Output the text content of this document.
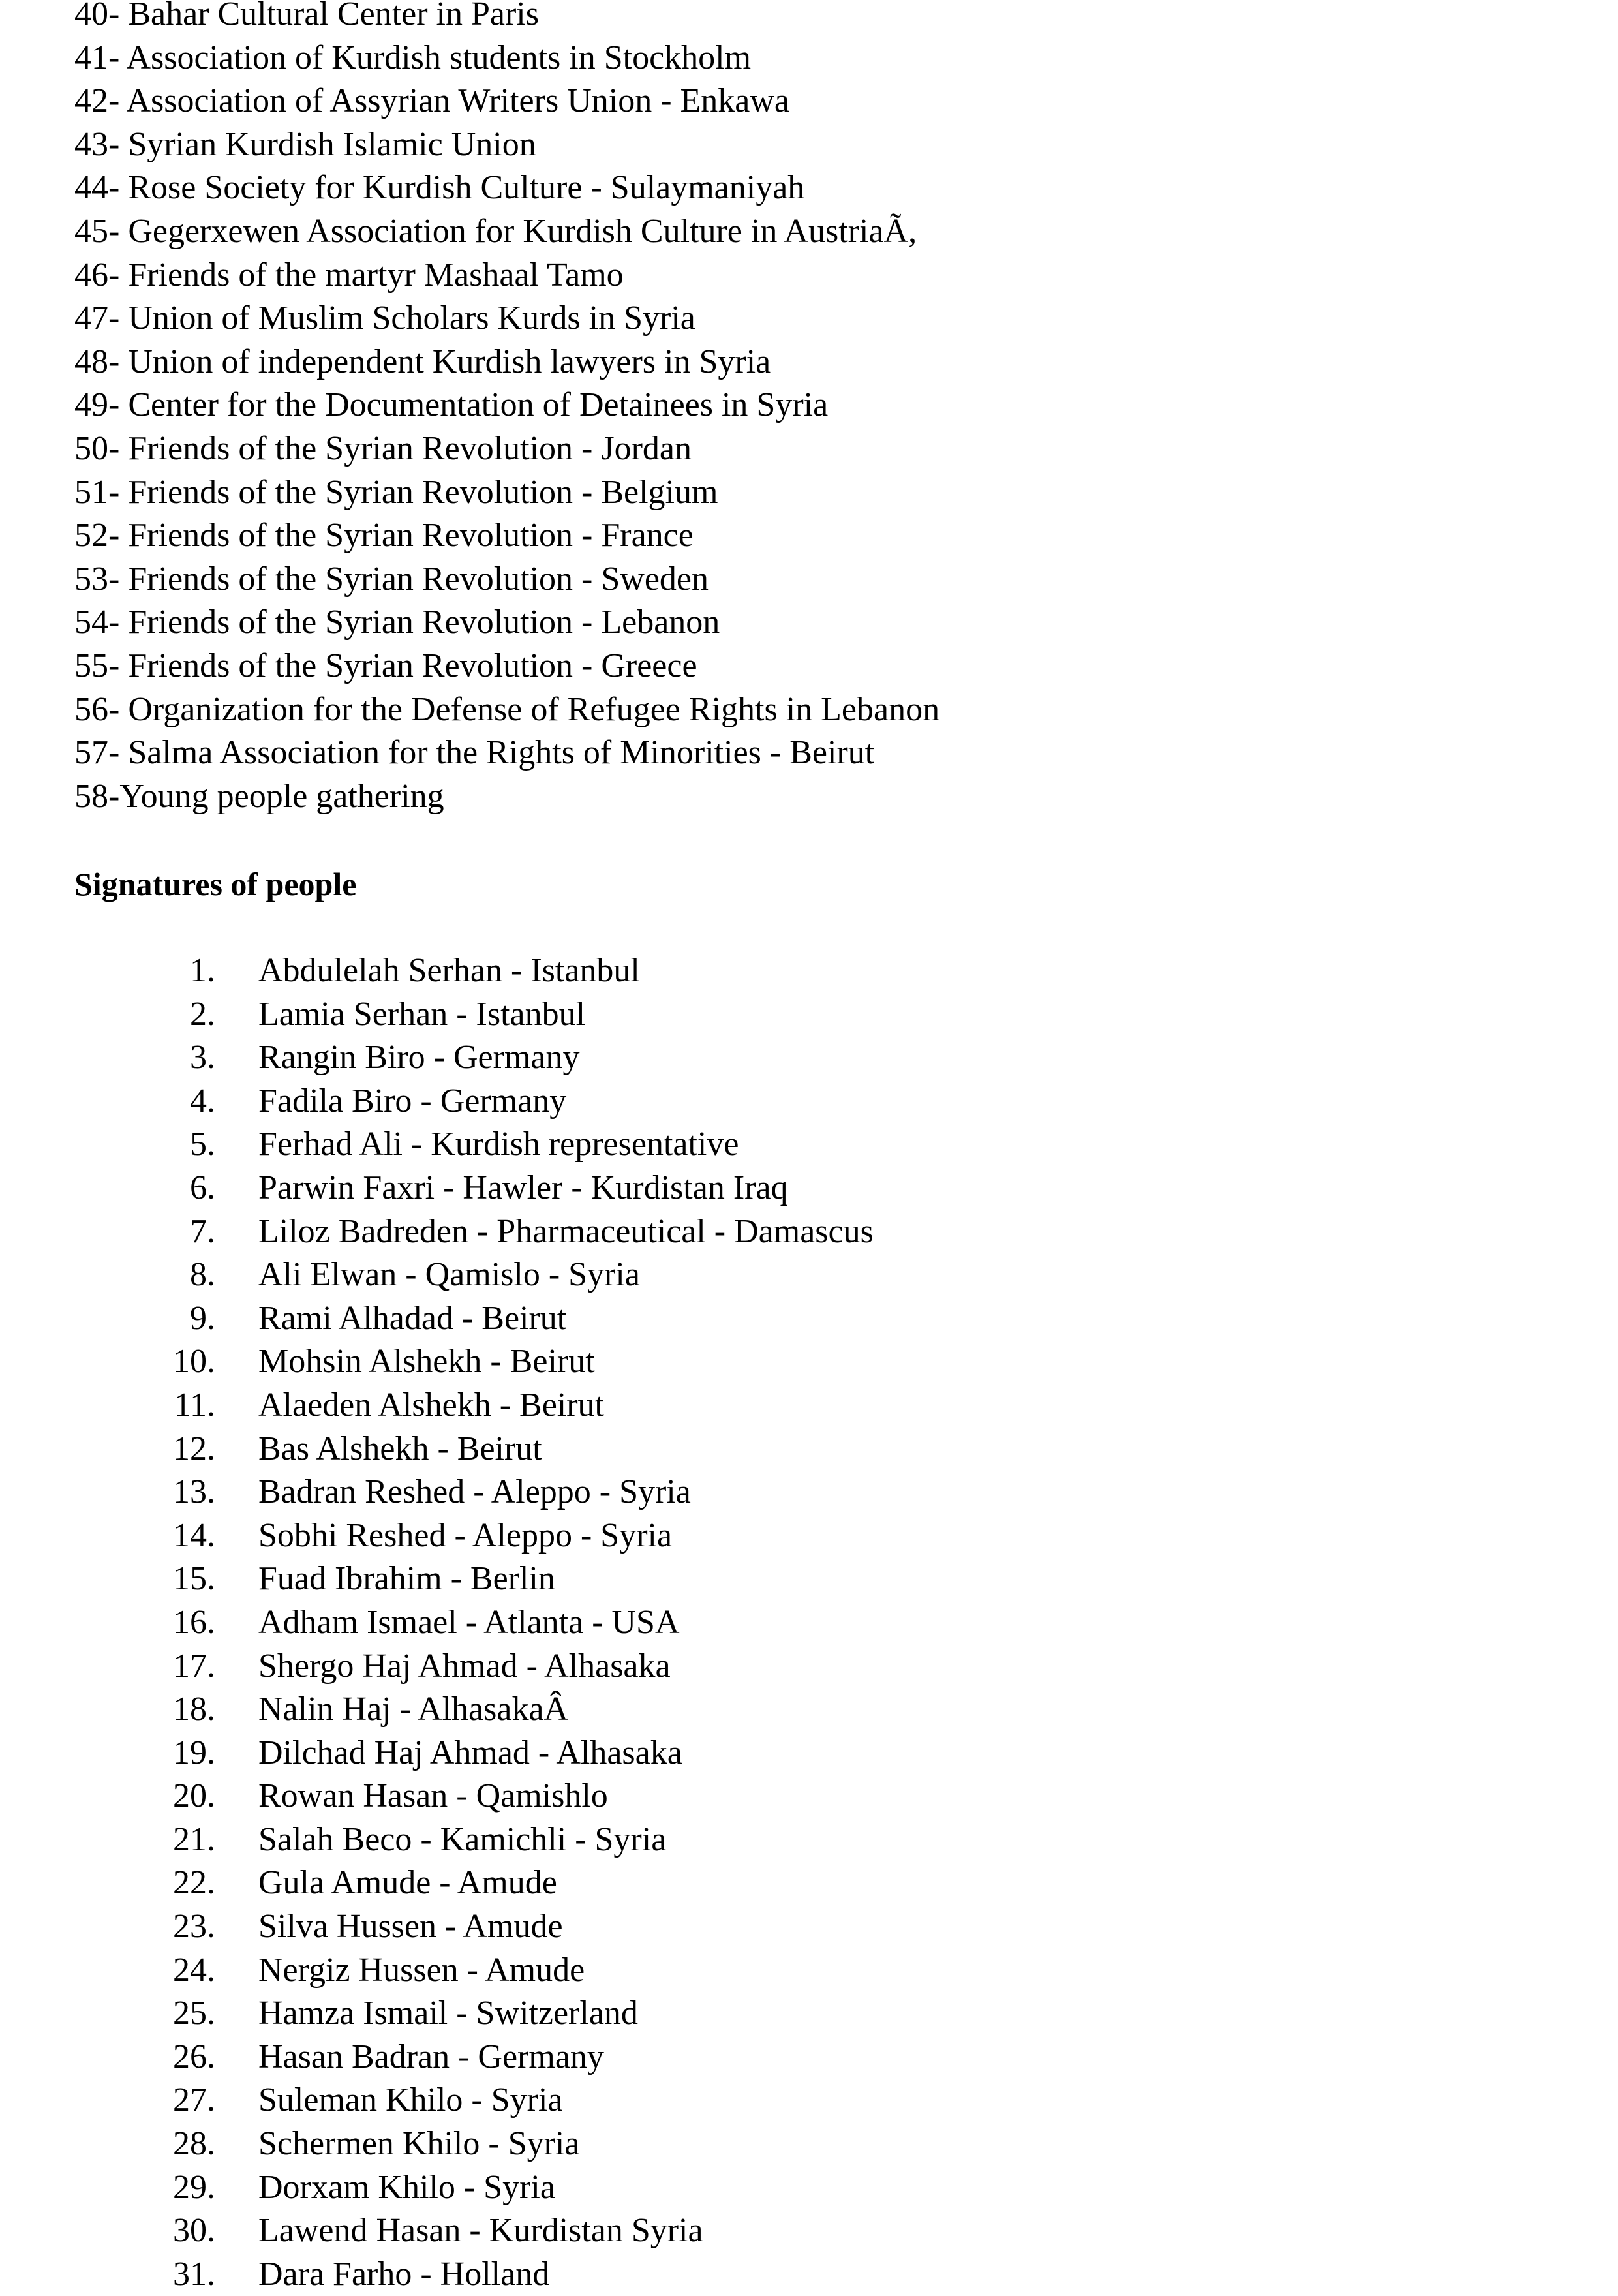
40- Bahar Cultural Center in Paris
41- Association of Kurdish students in Stockholm
42- Association of Assyrian Writers Union - Enkawa
43- Syrian Kurdish Islamic Union
44- Rose Society for Kurdish Culture - Sulaymaniyah
45- Gegerxewen Association for Kurdish Culture in AustriaÃ,
46- Friends of the martyr Mashaal Tamo
47- Union of Muslim Scholars Kurds in Syria
48- Union of independent Kurdish lawyers in Syria
49- Center for the Documentation of Detainees in Syria
50- Friends of the Syrian Revolution - Jordan
51- Friends of the Syrian Revolution - Belgium
52- Friends of the Syrian Revolution - France
53- Friends of the Syrian Revolution - Sweden
54- Friends of the Syrian Revolution - Lebanon
55- Friends of the Syrian Revolution - Greece
56- Organization for the Defense of Refugee Rights in Lebanon
57- Salma Association for the Rights of Minorities - Beirut
58-Young people gathering
Signatures of people
1. Abdulelah Serhan - Istanbul
2. Lamia Serhan - Istanbul
3. Rangin Biro - Germany
4. Fadila Biro - Germany
5. Ferhad Ali - Kurdish representative
6. Parwin Faxri - Hawler - Kurdistan Iraq
7. Liloz Badreden - Pharmaceutical - Damascus
8. Ali Elwan - Qamislo - Syria
9. Rami Alhadad - Beirut
10. Mohsin Alshekh - Beirut
11. Alaeden Alshekh - Beirut
12. Bas Alshekh - Beirut
13. Badran Reshed - Aleppo - Syria
14. Sobhi Reshed - Aleppo - Syria
15. Fuad Ibrahim - Berlin
16. Adham Ismael - Atlanta - USA
17. Shergo Haj Ahmad - Alhasaka
18. Nalin Haj - AlhasakaÂ
19. Dilchad Haj Ahmad - Alhasaka
20. Rowan Hasan - Qamishlo
21. Salah Beco - Kamichli - Syria
22. Gula Amude - Amude
23. Silva Hussen - Amude
24. Nergiz Hussen - Amude
25. Hamza Ismail - Switzerland
26. Hasan Badran - Germany
27. Suleman Khilo - Syria
28. Schermen Khilo - Syria
29. Dorxam Khilo - Syria
30. Lawend Hasan - Kurdistan Syria
31. Dara Farho - Holland
